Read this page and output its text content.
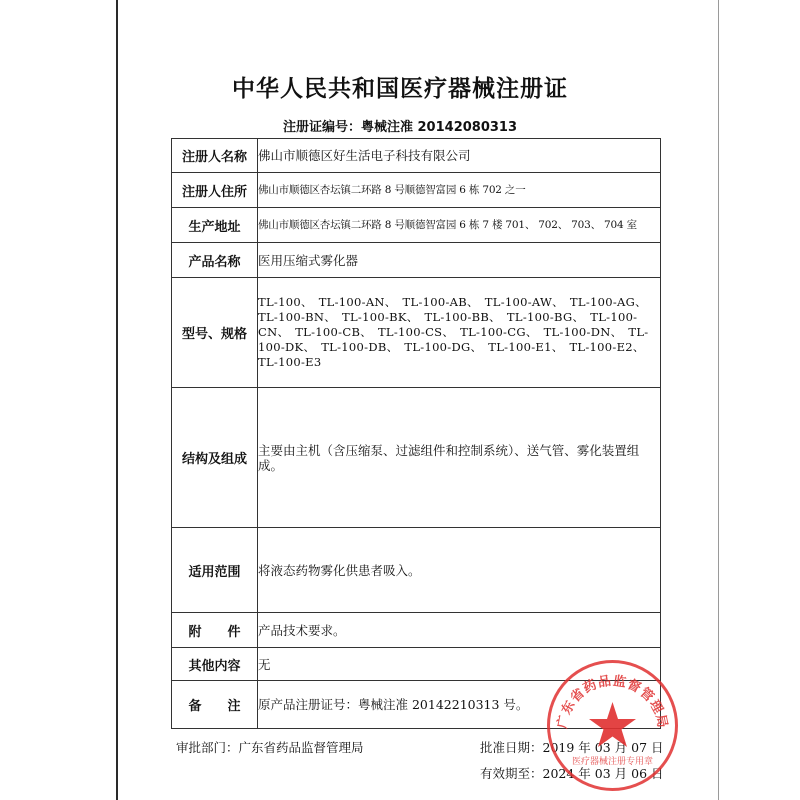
中华人民共和国医疗器械注册证
注册证编号：粤械注准 20142080313
注册人名称	佛山市顺德区好生活电子科技有限公司
注册人住所	佛山市顺德区杏坛镇二环路 8 号顺德智富园 6 栋 702 之一
生产地址	佛山市顺德区杏坛镇二环路 8 号顺德智富园 6 栋 7 楼 701、 702、 703、 704 室
产品名称	医用压缩式雾化器
型号、规格	TL-100、 TL-100-AN、 TL-100-AB、 TL-100-AW、 TL-100-AG、 TL-100-BN、 TL-100-BK、 TL-100-BB、 TL-100-BG、 TL-100-CN、 TL-100-CB、 TL-100-CS、 TL-100-CG、 TL-100-DN、 TL-100-DK、 TL-100-DB、 TL-100-DG、 TL-100-E1、 TL-100-E2、 TL-100-E3
结构及组成	主要由主机（含压缩泵、过滤组件和控制系统）、送气管、雾化装置组成。
适用范围	将液态药物雾化供患者吸入。
附　　件	产品技术要求。
其他内容	无
备　　注	原产品注册证号：粤械注准 20142210313 号。
审批部门：广东省药品监督管理局	批准日期：2019 年 03 月 07 日
有效期至：2024 年 03 月 06 日
广东省药品监督管理局
医疗器械注册专用章
